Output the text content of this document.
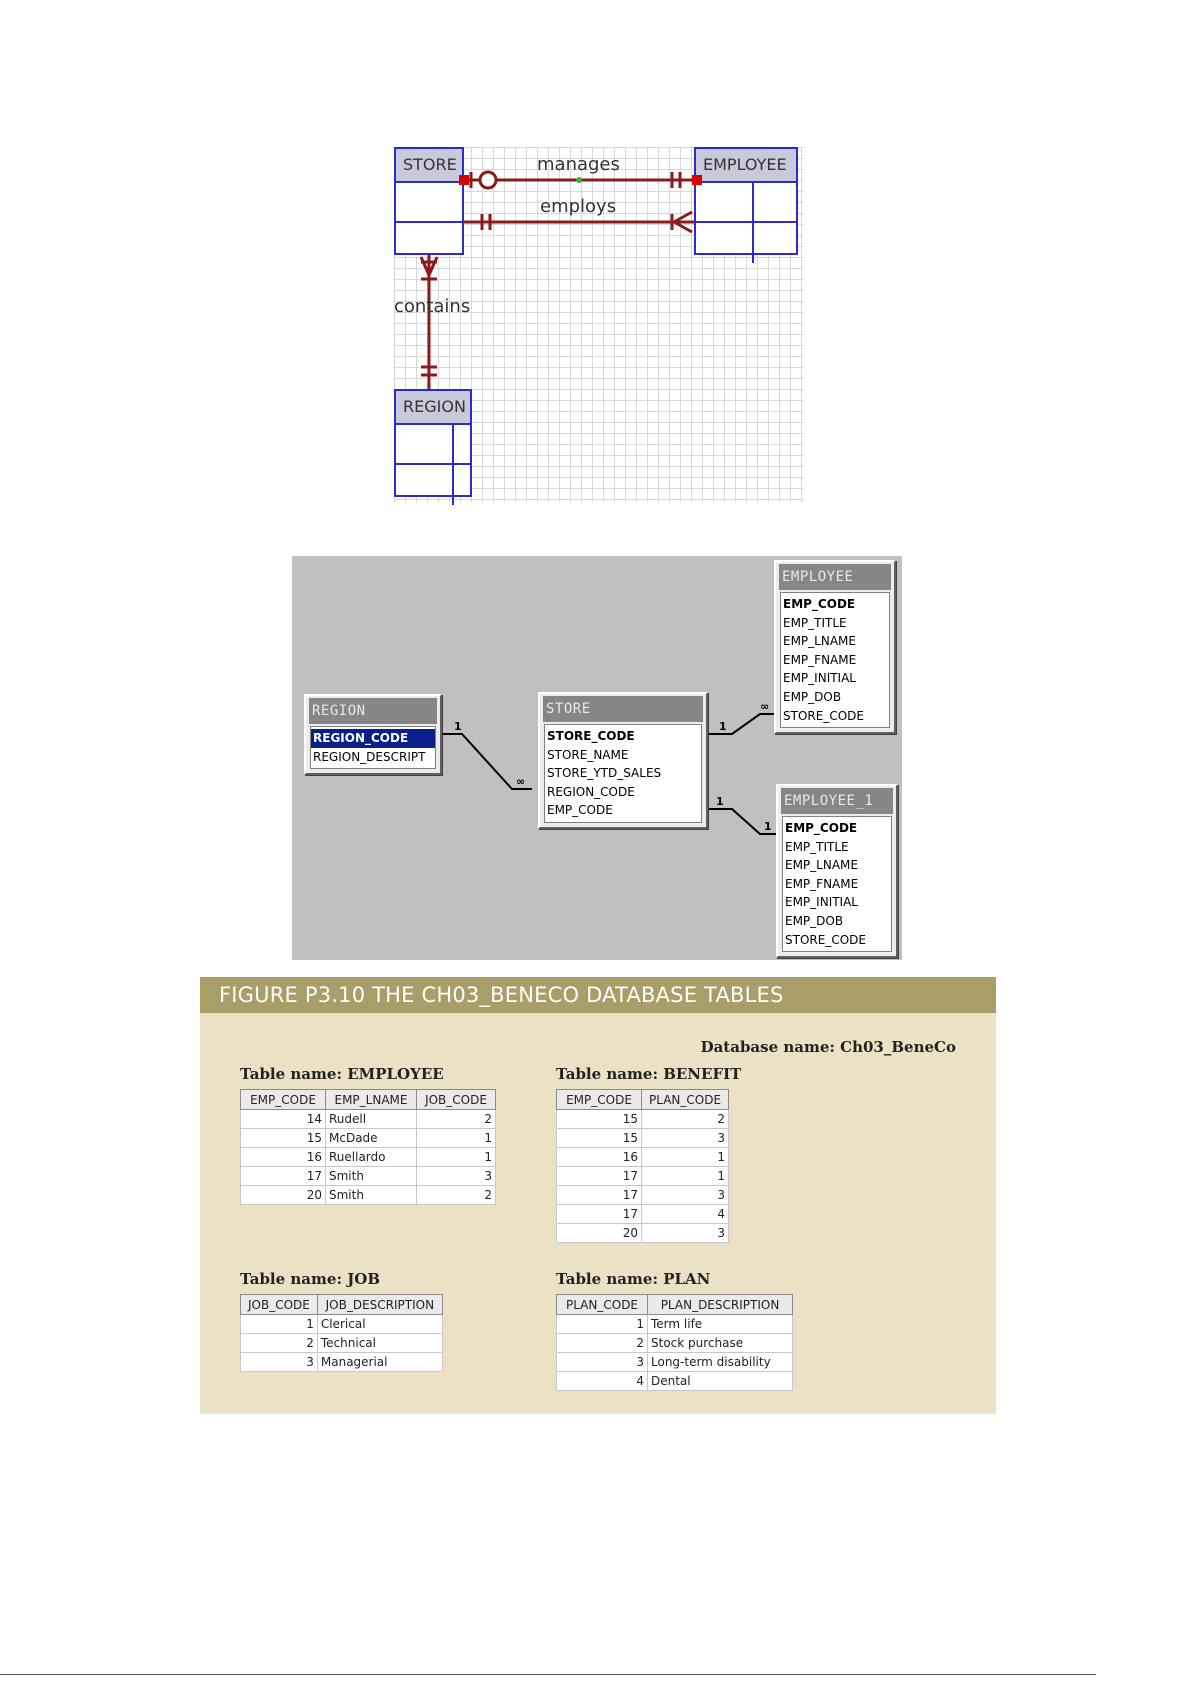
STORE	EMPLOYEE
REGION
manages
employs
contains
1
∞
1
∞
1
1
REGION
REGION_CODE
REGION_DESCRIPT
STORE
STORE_CODE
STORE_NAME
STORE_YTD_SALES
REGION_CODE
EMP_CODE
EMPLOYEE
EMP_CODE
EMP_TITLE
EMP_LNAME
EMP_FNAME
EMP_INITIAL
EMP_DOB
STORE_CODE
EMPLOYEE_1
EMP_CODE
EMP_TITLE
EMP_LNAME
EMP_FNAME
EMP_INITIAL
EMP_DOB
STORE_CODE
FIGURE P3.10 THE CH03_BENECO DATABASE TABLES
Database name: Ch03_BeneCo
Table name: EMPLOYEE
EMP_CODE	EMP_LNAME	JOB_CODE
14	Rudell	2
15	McDade	1
16	Ruellardo	1
17	Smith	3
20	Smith	2
Table name: BENEFIT
EMP_CODE	PLAN_CODE
15	2
15	3
16	1
17	1
17	3
17	4
20	3
Table name: JOB
JOB_CODE	JOB_DESCRIPTION
1	Clerical
2	Technical
3	Managerial
Table name: PLAN
PLAN_CODE	PLAN_DESCRIPTION
1	Term life
2	Stock purchase
3	Long-term disability
4	Dental
